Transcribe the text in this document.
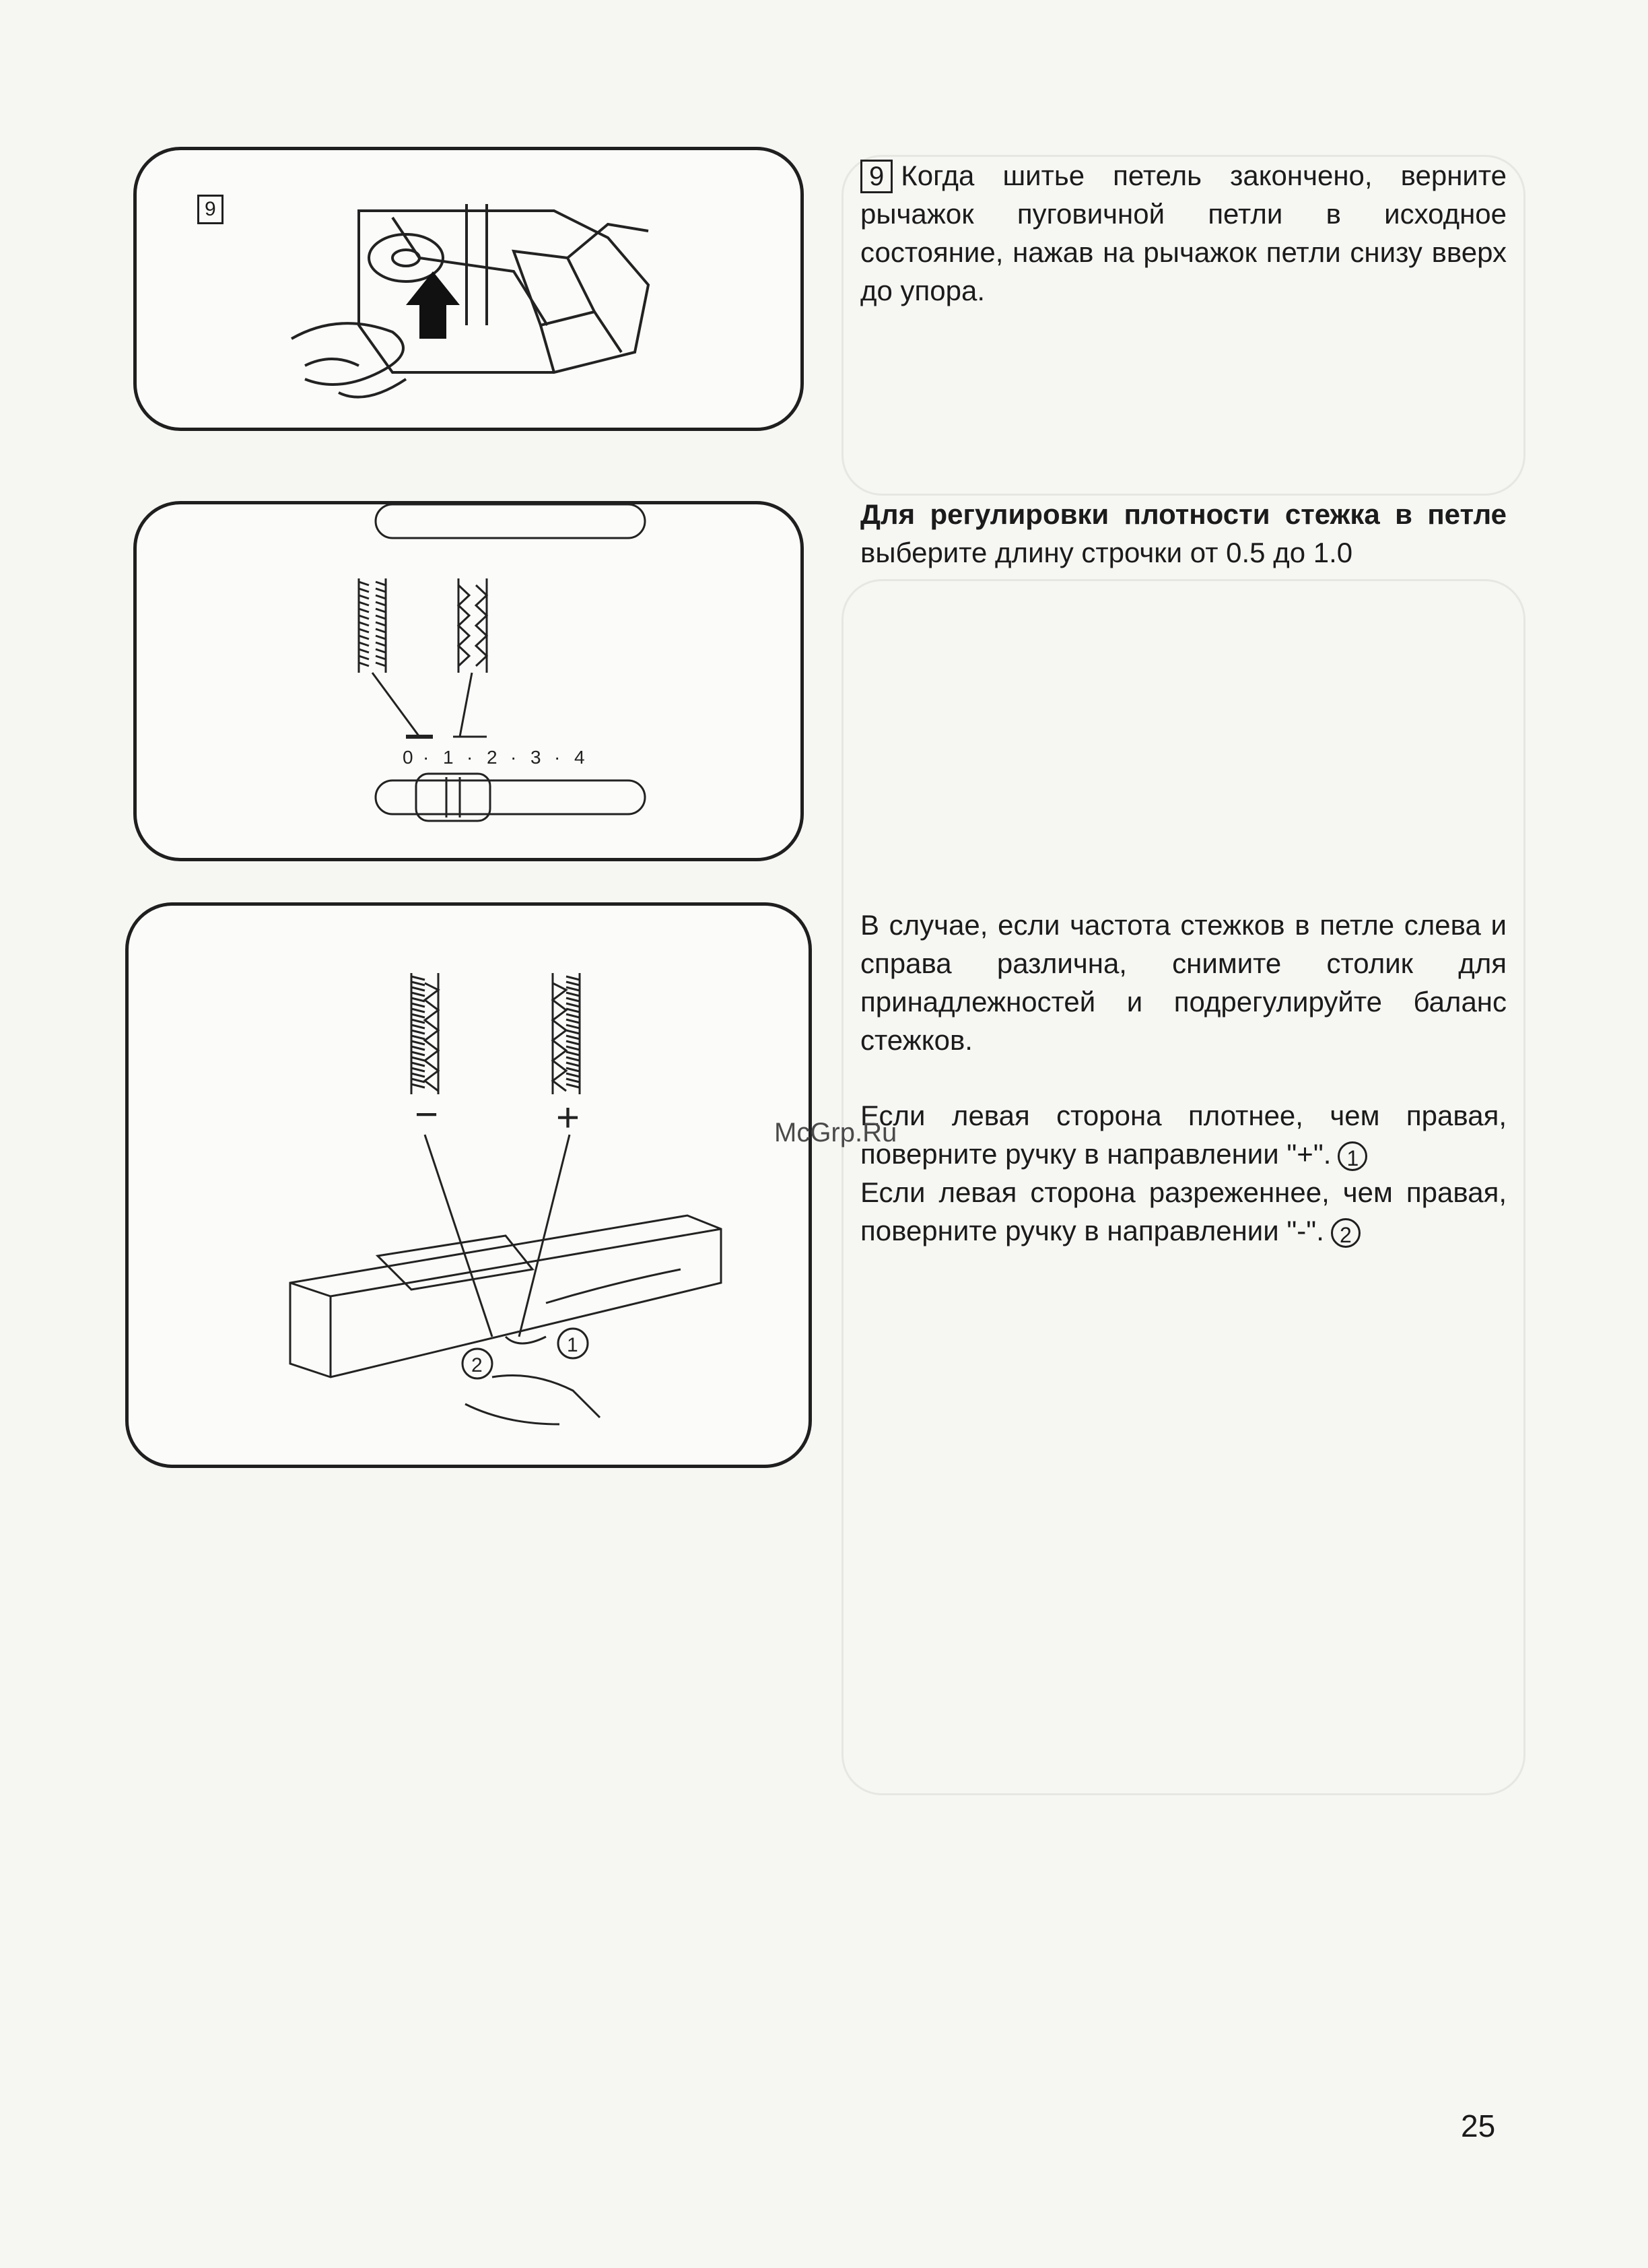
9
0 · 1 · 2 · 3 · 4
−	+
2
1

9 Когда шитье петель закончено, верните рычажок пуговичной петли в исходное состояние, нажав на рычажок петли снизу вверх до упора.

Для регулировки плотности стежка в петле выберите длину строчки от 0.5 до 1.0

В случае, если частота стежков в петле слева и справа различна, снимите столик для принадлежностей и подрегулируйте баланс стежков.

Если левая сторона плотнее, чем правая, поверните ручку в направлении "+". 1

Если левая сторона разреженнее, чем правая, поверните ручку в направлении "-". 2

McGrp.Ru
25
